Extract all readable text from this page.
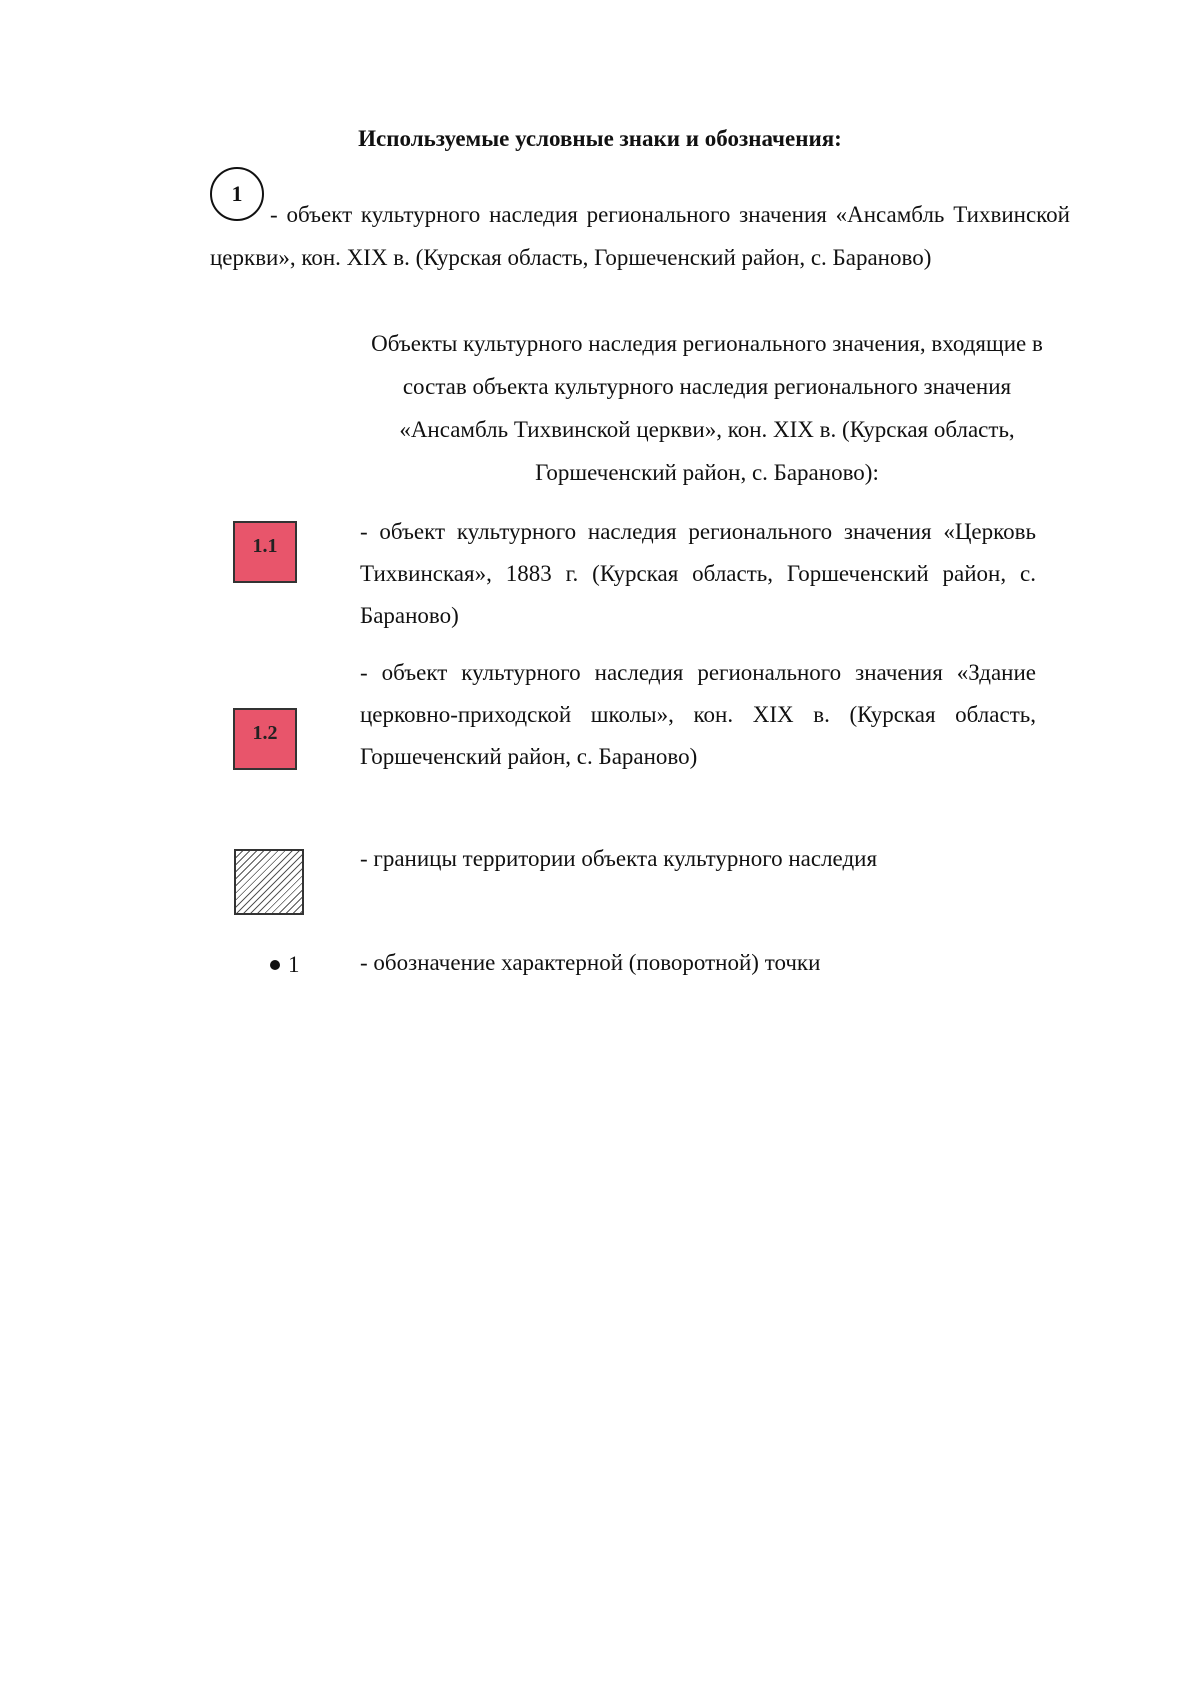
Используемые условные знаки и обозначения:
1
- объект культурного наследия регионального значения «Ансамбль Тихвинской церкви», кон. XIX в. (Курская область, Горшеченский район, с. Бараново)
Объекты культурного наследия регионального значения, входящие в состав объекта культурного наследия регионального значения «Ансамбль Тихвинской церкви», кон. XIX в. (Курская область, Горшеченский район, с. Бараново):
1.1
- объект культурного наследия регионального значения «Церковь Тихвинская», 1883 г. (Курская область, Горшеченский район, с. Бараново)
1.2
- объект культурного наследия регионального значения «Здание церковно-приходской школы», кон. XIX в. (Курская область, Горшеченский район, с. Бараново)
- границы территории объекта культурного наследия
1	- обозначение характерной (поворотной) точки
